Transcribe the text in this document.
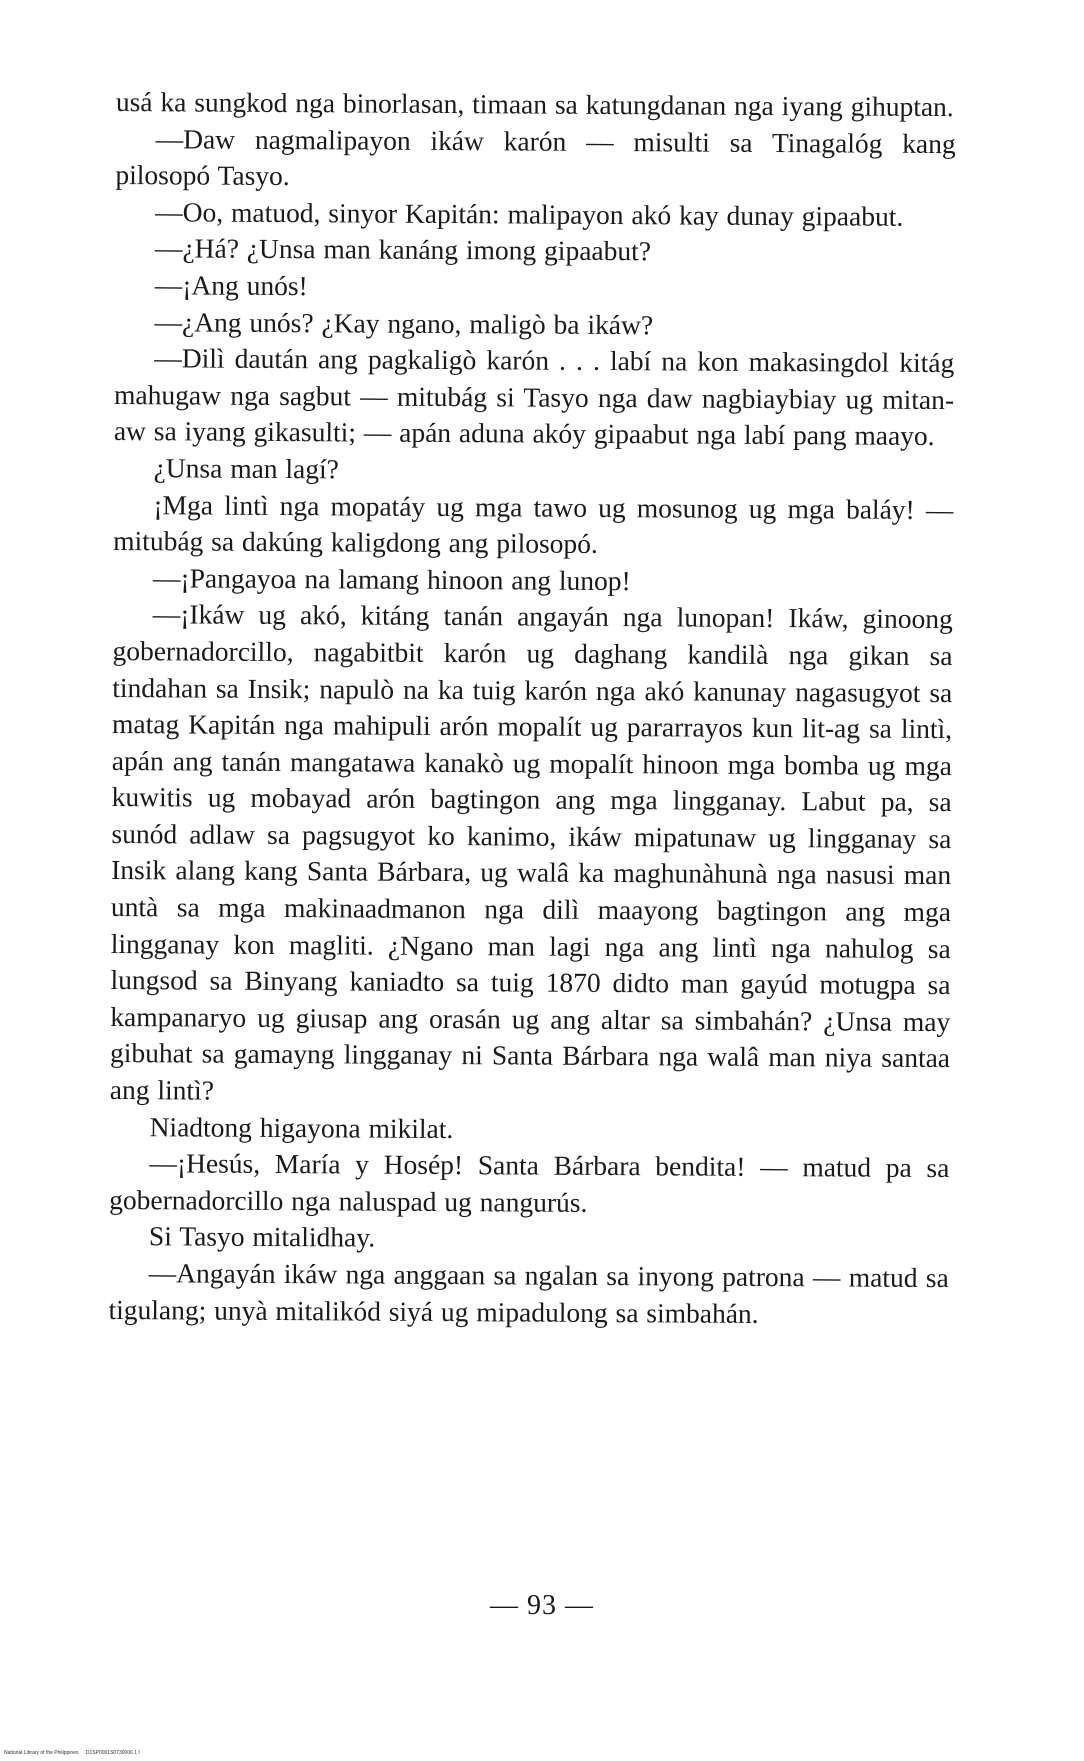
usá ka sungkod nga binorlasan, timaan sa katungdanan nga iyang gihuptan.

—Daw nagmalipayon ikáw karón — misulti sa Tinagalóg kang pilosopó Tasyo.

—Oo, matuod, sinyor Kapitán: malipayon akó kay dunay gipaabut.

—¿Há? ¿Unsa man kanáng imong gipaabut?

—¡Ang unós!

—¿Ang unós? ¿Kay ngano, maligò ba ikáw?

—Dilì daután ang pagkaligò karón . . . labí na kon makasingdol kitág mahugaw nga sagbut — mitubág si Tasyo nga daw nagbiaybiay ug mitan-aw sa iyang gikasulti; — apán aduna akóy gipaabut nga labí pang maayo.

¿Unsa man lagí?

¡Mga lintì nga mopatáy ug mga tawo ug mosunog ug mga baláy! — mitubág sa dakúng kaligdong ang pilosopó.

—¡Pangayoa na lamang hinoon ang lunop!

—¡Ikáw ug akó, kitáng tanán angayán nga lunopan! Ikáw, ginoong gobernadorcillo, nagabitbit karón ug daghang kandilà nga gikan sa tindahan sa Insik; napulò na ka tuig karón nga akó kanunay nagasugyot sa matag Kapitán nga mahipuli arón mopalít ug pararrayos kun lit-ag sa lintì, apán ang tanán mangatawa kanakò ug mopalít hinoon mga bomba ug mga kuwitis ug mobayad arón bagtingon ang mga lingganay. Labut pa, sa sunód adlaw sa pagsugyot ko kanimo, ikáw mipatunaw ug lingganay sa Insik alang kang Santa Bárbara, ug walâ ka maghunàhunà nga nasusi man untà sa mga makinaadmanon nga dilì maayong bagtingon ang mga lingganay kon magliti. ¿Ngano man lagi nga ang lintì nga nahulog sa lungsod sa Binyang kaniadto sa tuig 1870 didto man gayúd motugpa sa kampanaryo ug giusap ang orasán ug ang altar sa simbahán? ¿Unsa may gibuhat sa gamayng lingganay ni Santa Bárbara nga walâ man niya santaa ang lintì?

Niadtong higayona mikilat.

—¡Hesús, María y Hosép! Santa Bárbara bendita! — matud pa sa gobernadorcillo nga naluspad ug nangurús.

Si Tasyo mitalidhay.

—Angayán ikáw nga anggaan sa ngalan sa inyong patrona — matud sa tigulang; unyà mitalikód siyá ug mipadulong sa simbahán.

— 93 —
National Library of the Philippines D1SP0001S0730006 1 I
